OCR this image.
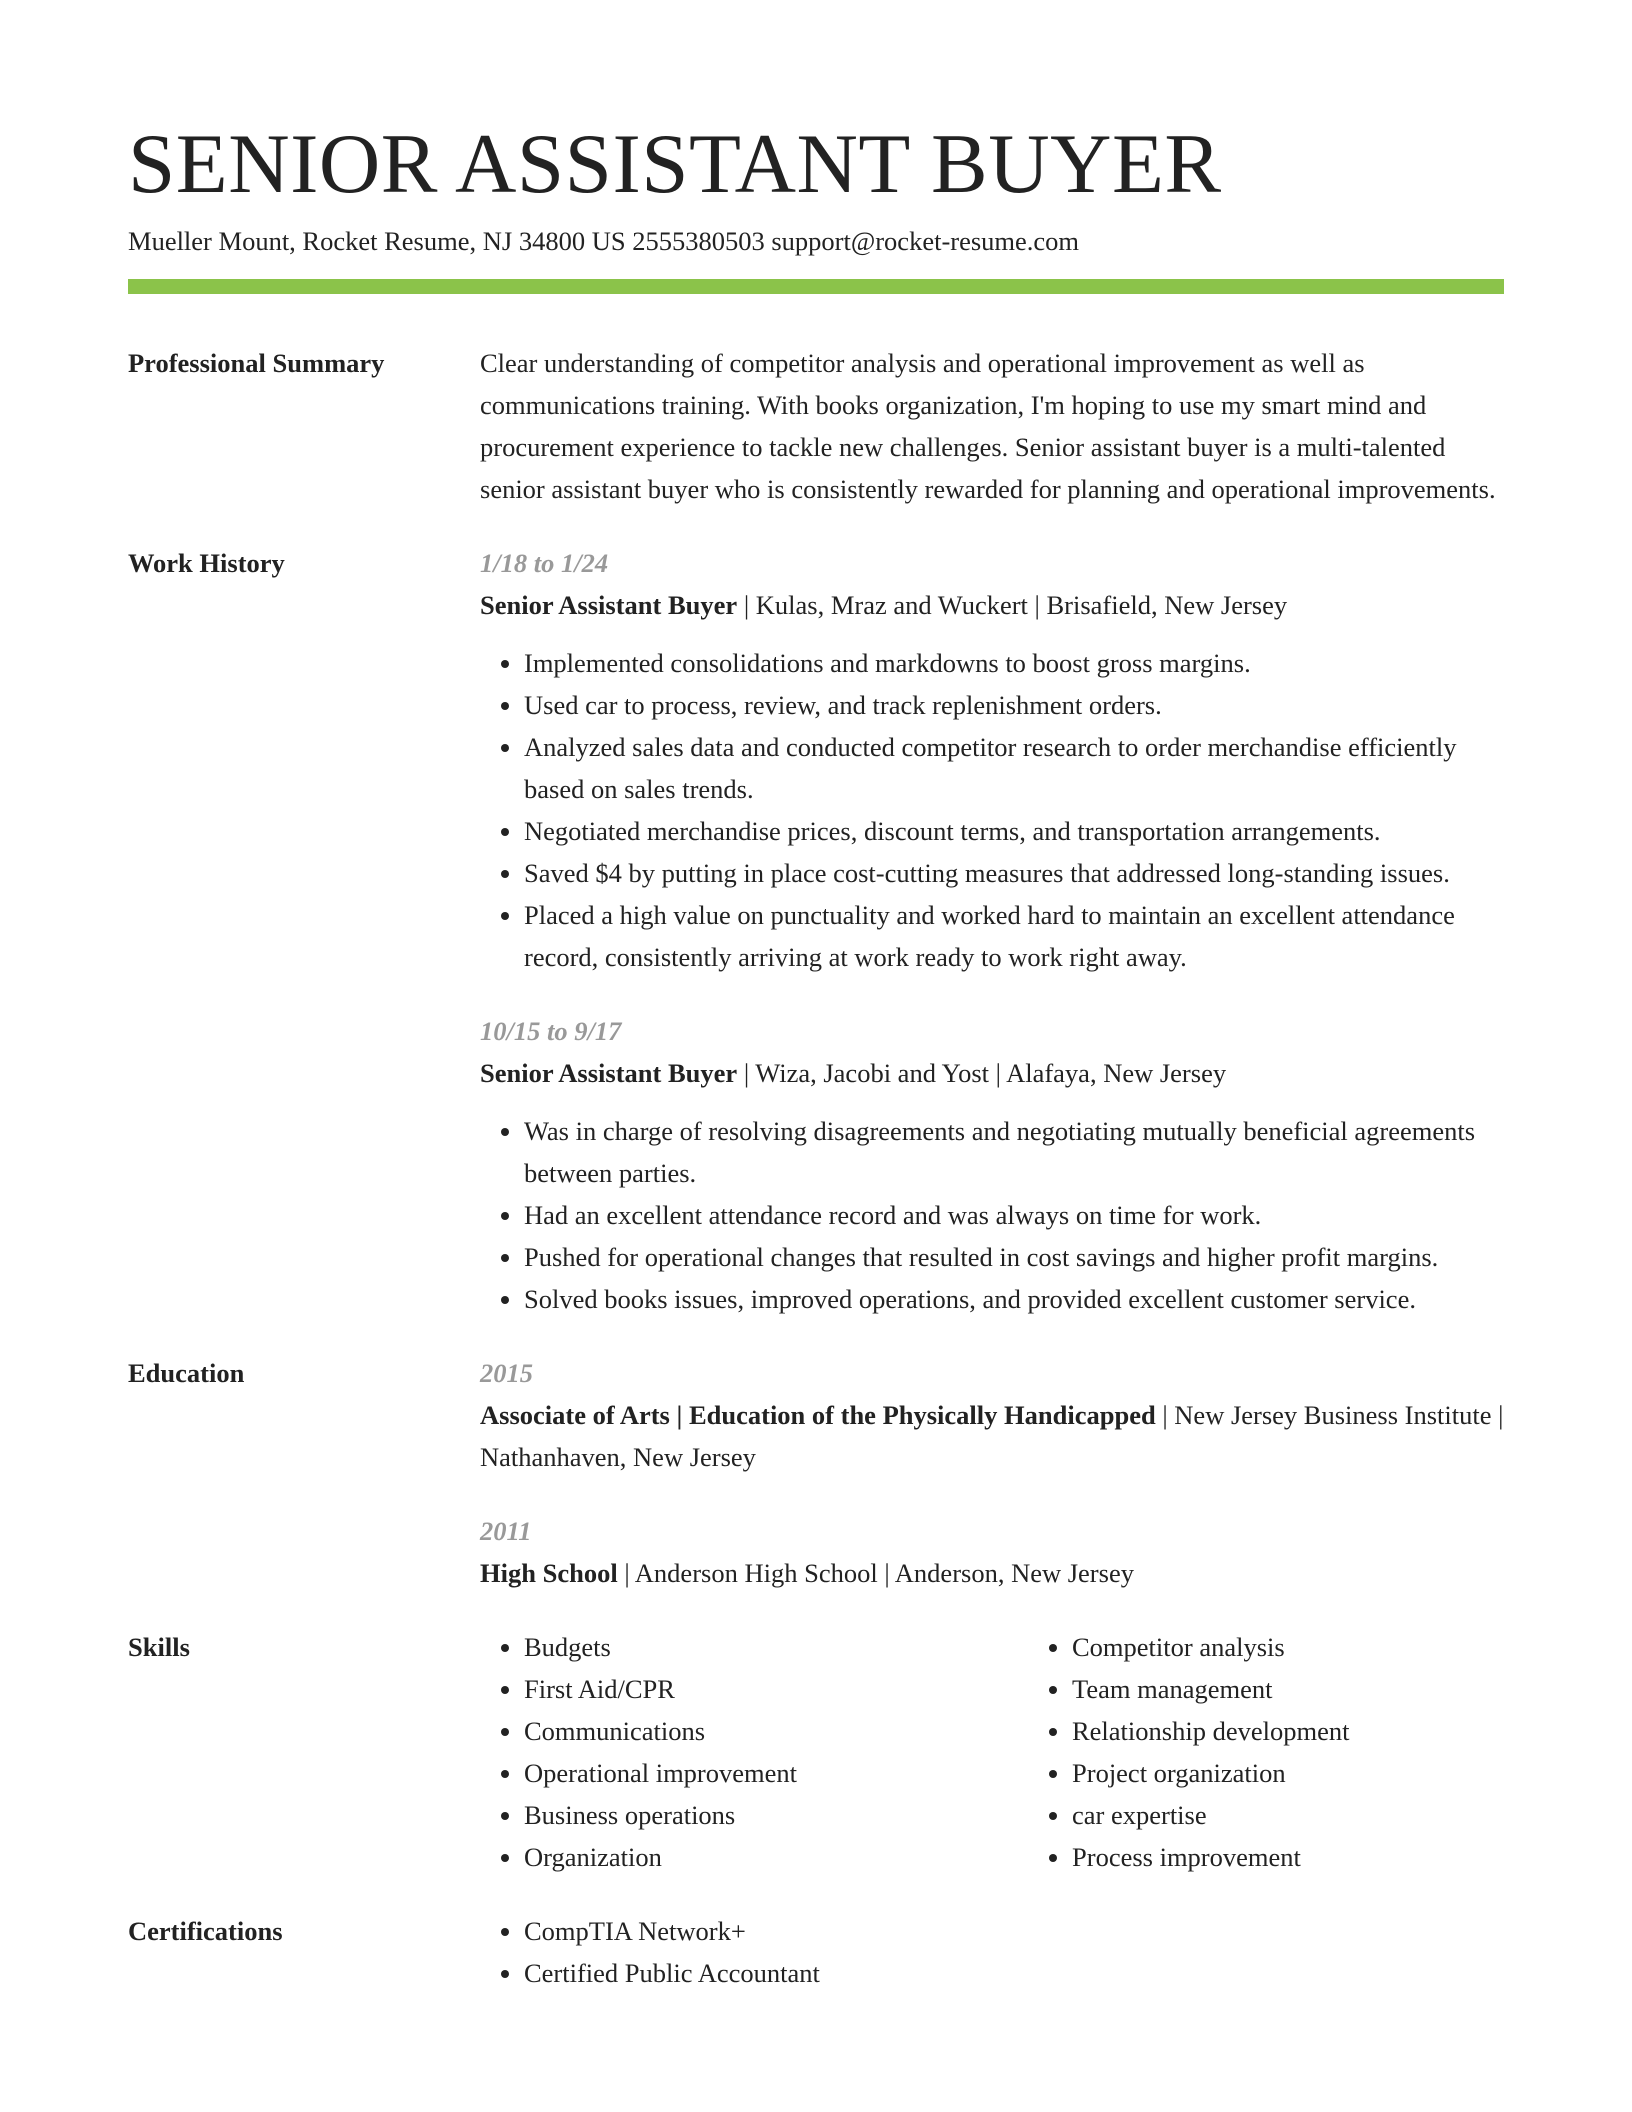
SENIOR ASSISTANT BUYER
Mueller Mount, Rocket Resume, NJ 34800 US 2555380503 support@rocket-resume.com
Professional Summary	Clear understanding of competitor analysis and operational improvement as well as communications training. With books organization, I'm hoping to use my smart mind and procurement experience to tackle new challenges. Senior assistant buyer is a multi-talented senior assistant buyer who is consistently rewarded for planning and operational improvements.

Work History	1/18 to 1/24
Senior Assistant Buyer | Kulas, Mraz and Wuckert | Brisafield, New Jersey
• Implemented consolidations and markdowns to boost gross margins.
• Used car to process, review, and track replenishment orders.
• Analyzed sales data and conducted competitor research to order merchandise efficiently based on sales trends.
• Negotiated merchandise prices, discount terms, and transportation arrangements.
• Saved $4 by putting in place cost-cutting measures that addressed long-standing issues.
• Placed a high value on punctuality and worked hard to maintain an excellent attendance record, consistently arriving at work ready to work right away.
10/15 to 9/17
Senior Assistant Buyer | Wiza, Jacobi and Yost | Alafaya, New Jersey
• Was in charge of resolving disagreements and negotiating mutually beneficial agreements between parties.
• Had an excellent attendance record and was always on time for work.
• Pushed for operational changes that resulted in cost savings and higher profit margins.
• Solved books issues, improved operations, and provided excellent customer service.
Education	2015
Associate of Arts | Education of the Physically Handicapped | New Jersey Business Institute | Nathanhaven, New Jersey
2011
High School | Anderson High School | Anderson, New Jersey
Skills	• Budgets
• First Aid/CPR
• Communications
• Operational improvement
• Business operations
• Organization
• Competitor analysis
• Team management
• Relationship development
• Project organization
• car expertise
• Process improvement
Certifications	• CompTIA Network+
• Certified Public Accountant
